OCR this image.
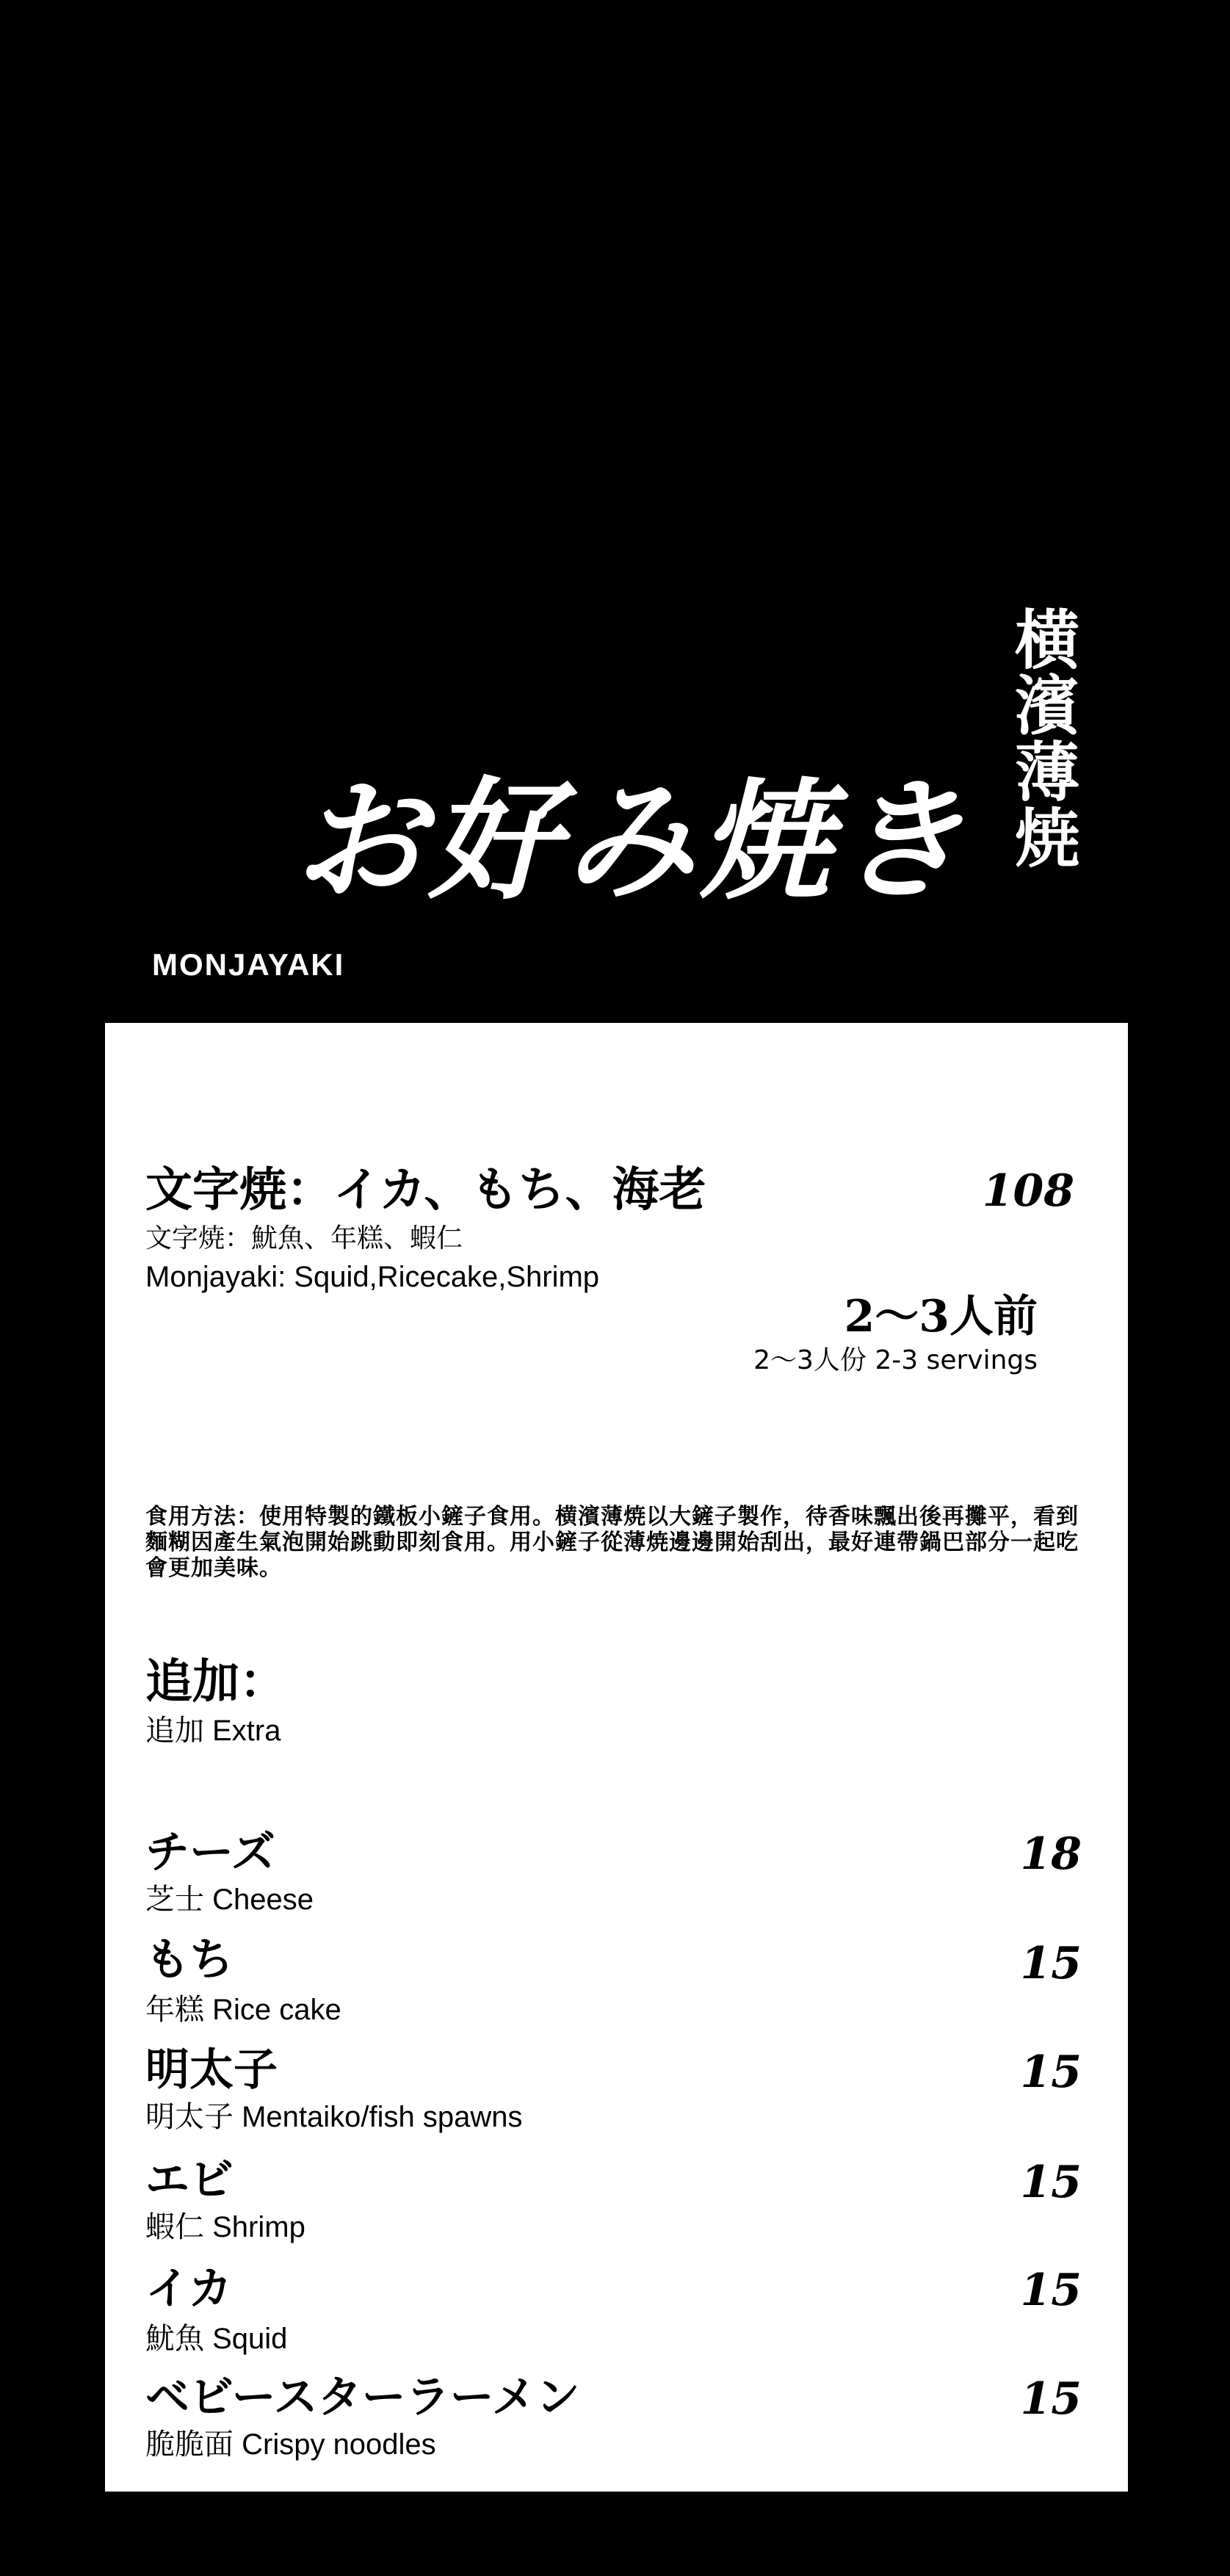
横濱薄焼
お好み焼き
MONJAYAKI
文字焼：イカ、もち、海老	108
文字焼：魷魚、年糕、蝦仁
Monjayaki: Squid,Ricecake,Shrimp
2〜3人前
2〜3人份 2-3 servings
食用方法：使用特製的鐵板小鏟子食用。横濱薄焼以大鏟子製作，待香味飄出後再攤平，看到麵糊因產生氣泡開始跳動即刻食用。用小鏟子從薄焼邊邊開始刮出，最好連帶鍋巴部分一起吃會更加美味。
追加：
追加 Extra
チーズ
芝士 Cheese
18
もち
年糕 Rice cake
15
明太子
明太子 Mentaiko/fish spawns
15
エビ
蝦仁 Shrimp
15
イカ
魷魚 Squid
15
ベビースターラーメン
脆脆面 Crispy noodles
15
